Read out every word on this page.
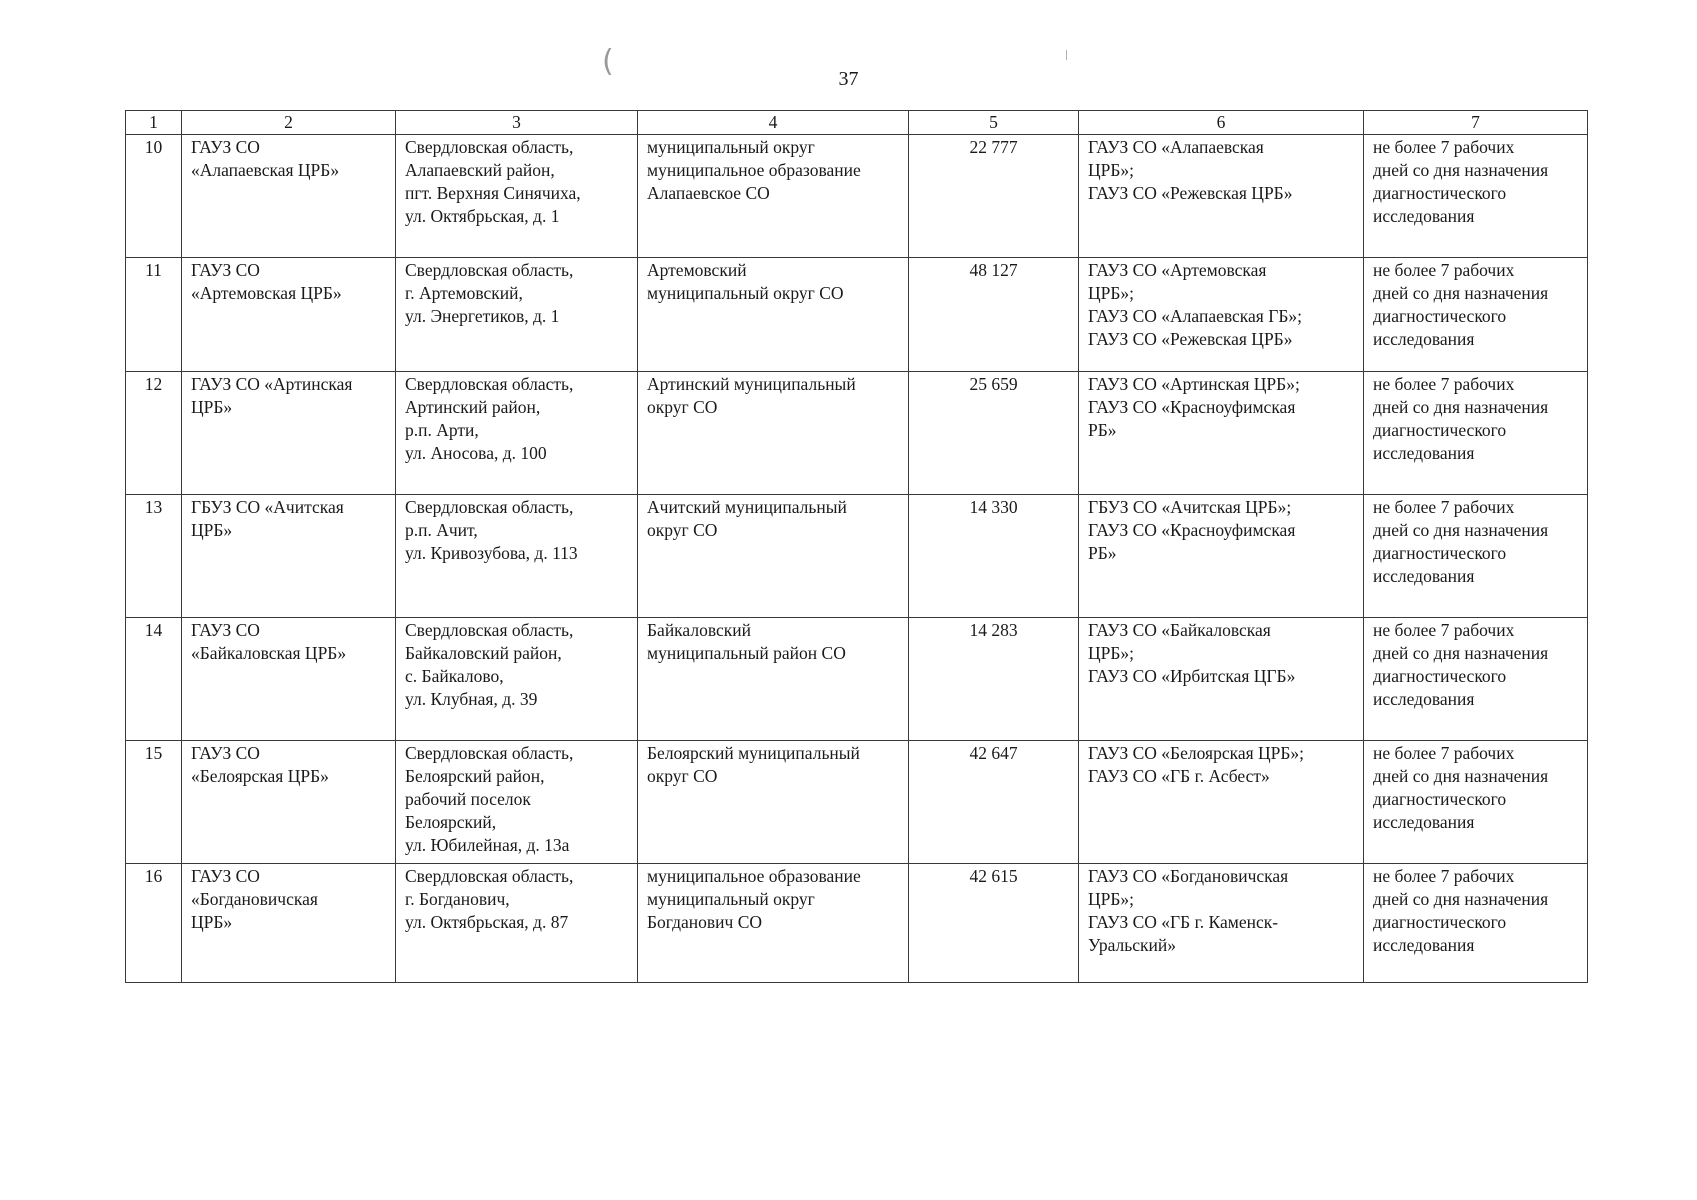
(	37
1	2	3	4	5	6	7
10	ГАУЗ СО
«Алапаевская ЦРБ»	Свердловская область,
Алапаевский район,
пгт. Верхняя Синячиха,
ул. Октябрьская, д. 1	муниципальный округ
муниципальное образование
Алапаевское СО	22 777	ГАУЗ СО «Алапаевская
ЦРБ»;
ГАУЗ СО «Режевская ЦРБ»	не более 7 рабочих
дней со дня назначения
диагностического
исследования
11	ГАУЗ СО
«Артемовская ЦРБ»	Свердловская область,
г. Артемовский,
ул. Энергетиков, д. 1	Артемовский
муниципальный округ СО	48 127	ГАУЗ СО «Артемовская
ЦРБ»;
ГАУЗ СО «Алапаевская ГБ»;
ГАУЗ СО «Режевская ЦРБ»	не более 7 рабочих
дней со дня назначения
диагностического
исследования
12	ГАУЗ СО «Артинская
ЦРБ»	Свердловская область,
Артинский район,
р.п. Арти,
ул. Аносова, д. 100	Артинский муниципальный
округ СО	25 659	ГАУЗ СО «Артинская ЦРБ»;
ГАУЗ СО «Красноуфимская
РБ»	не более 7 рабочих
дней со дня назначения
диагностического
исследования
13	ГБУЗ СО «Ачитская
ЦРБ»	Свердловская область,
р.п. Ачит,
ул. Кривозубова, д. 113	Ачитский муниципальный
округ СО	14 330	ГБУЗ СО «Ачитская ЦРБ»;
ГАУЗ СО «Красноуфимская
РБ»	не более 7 рабочих
дней со дня назначения
диагностического
исследования
14	ГАУЗ СО
«Байкаловская ЦРБ»	Свердловская область,
Байкаловский район,
с. Байкалово,
ул. Клубная, д. 39	Байкаловский
муниципальный район СО	14 283	ГАУЗ СО «Байкаловская
ЦРБ»;
ГАУЗ СО «Ирбитская ЦГБ»	не более 7 рабочих
дней со дня назначения
диагностического
исследования
15	ГАУЗ СО
«Белоярская ЦРБ»	Свердловская область,
Белоярский район,
рабочий поселок
Белоярский,
ул. Юбилейная, д. 13а	Белоярский муниципальный
округ СО	42 647	ГАУЗ СО «Белоярская ЦРБ»;
ГАУЗ СО «ГБ г. Асбест»	не более 7 рабочих
дней со дня назначения
диагностического
исследования
16	ГАУЗ СО
«Богдановичская
ЦРБ»	Свердловская область,
г. Богданович,
ул. Октябрьская, д. 87	муниципальное образование
муниципальный округ
Богданович СО	42 615	ГАУЗ СО «Богдановичская
ЦРБ»;
ГАУЗ СО «ГБ г. Каменск-
Уральский»	не более 7 рабочих
дней со дня назначения
диагностического
исследования
